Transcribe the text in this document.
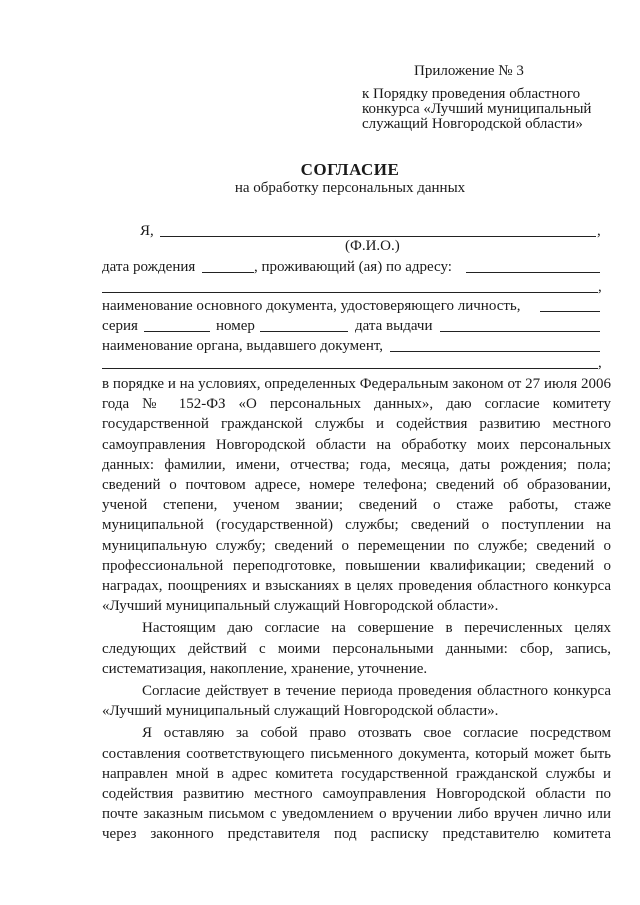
Приложение № 3
к Порядку проведения областного
конкурса «Лучший муниципальный
служащий Новгородской области»
СОГЛАСИЕ
на обработку персональных данных
Я,	,
(Ф.И.О.)
дата рождения	, проживающий (ая) по адресу:
,
наименование основного документа, удостоверяющего личность,
серия	номер	дата выдачи
наименование органа, выдавшего документ,
,

в порядке и на условиях, определенных Федеральным законом от 27 июля 2006 года № 152-ФЗ «О персональных данных», даю согласие комитету государственной гражданской службы и содействия развитию местного самоуправления Новгородской области на обработку моих персональных данных: фамилии, имени, отчества; года, месяца, даты рождения; пола; сведений о почтовом адресе, номере телефона; сведений об образовании, ученой степени, ученом звании; сведений о стаже работы, стаже муниципальной (государственной) службы; сведений о поступлении на муниципальную службу; сведений о перемещении по службе; сведений о профессиональной переподготовке, повышении квалификации; сведений о наградах, поощрениях и взысканиях в целях проведения областного конкурса «Лучший муниципальный служащий Новгородской области».

Настоящим даю согласие на совершение в перечисленных целях следующих действий с моими персональными данными: сбор, запись, систематизация, накопление, хранение, уточнение.

Согласие действует в течение периода проведения областного конкурса «Лучший муниципальный служащий Новгородской области».

Я оставляю за собой право отозвать свое согласие посредством составления соответствующего письменного документа, который может быть направлен мной в адрес комитета государственной гражданской службы и содействия развитию местного самоуправления Новгородской области по почте заказным письмом с уведомлением о вручении либо вручен лично или через законного представителя под расписку представителю комитета
